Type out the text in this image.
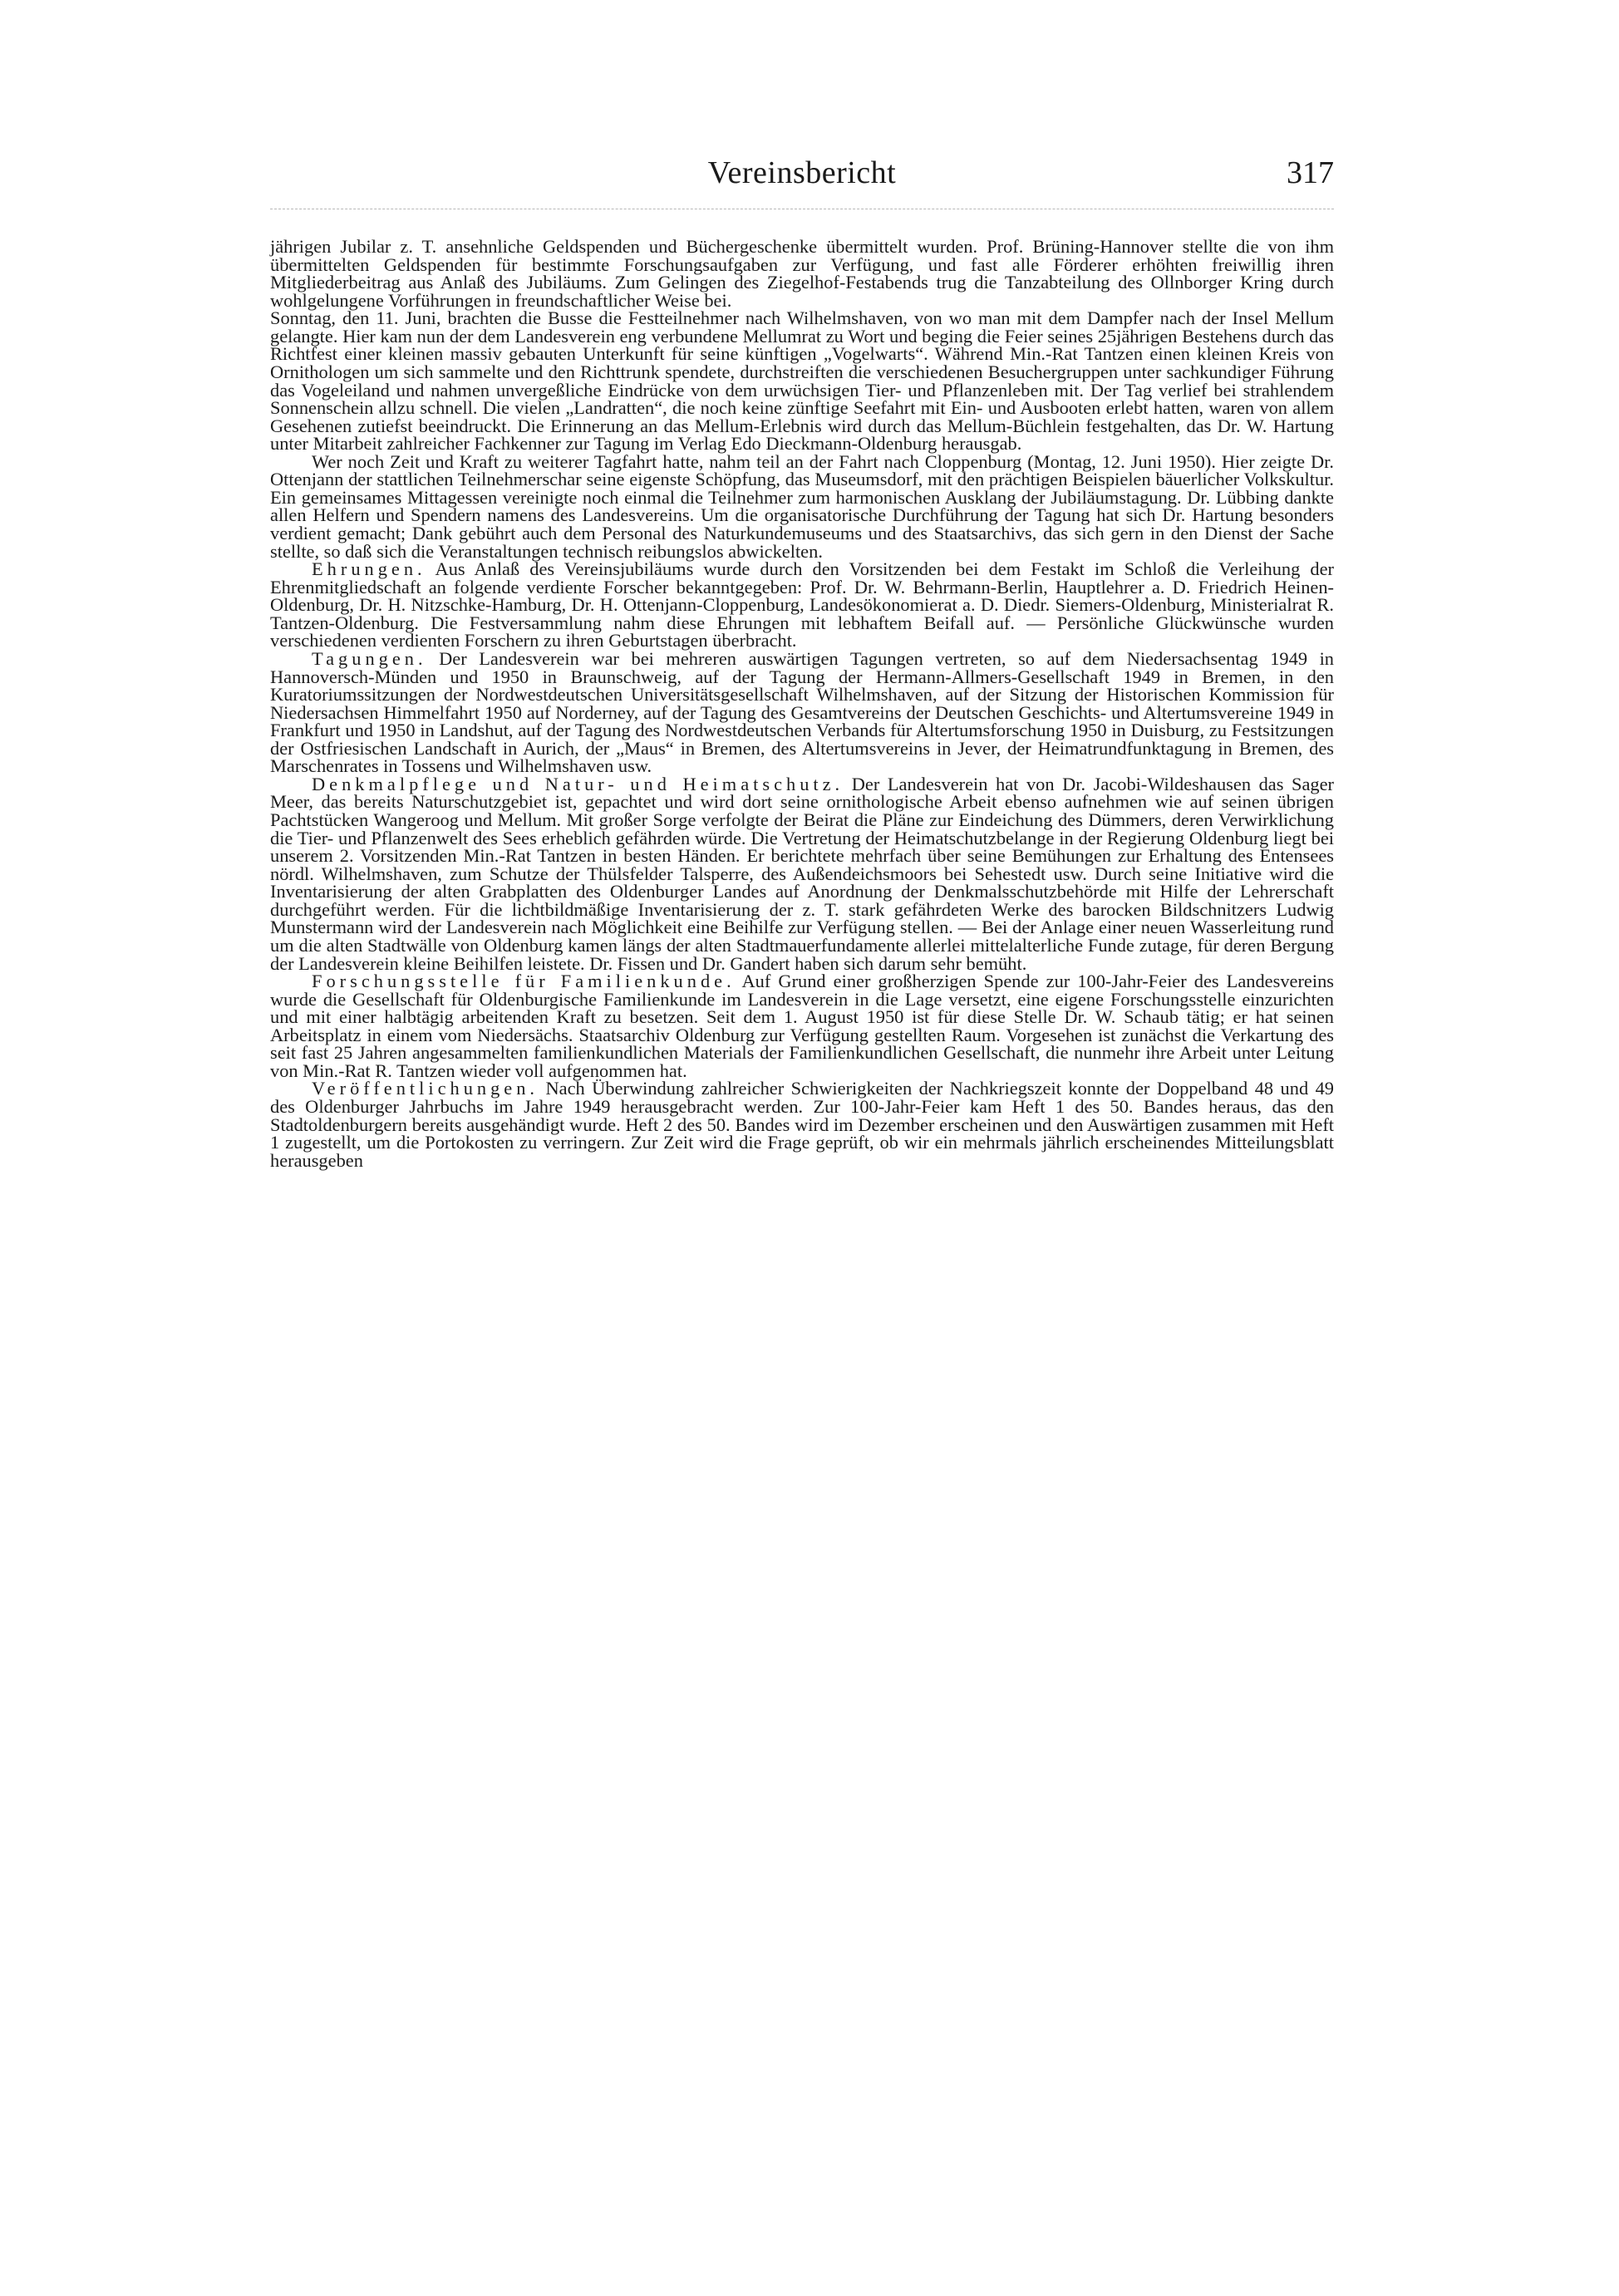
Vereinsbericht	317

jährigen Jubilar z. T. ansehnliche Geldspenden und Büchergeschenke übermittelt wurden. Prof. Brüning-Hannover stellte die von ihm übermittelten Geldspenden für bestimmte Forschungsaufgaben zur Verfügung, und fast alle Förderer erhöhten freiwillig ihren Mitgliederbeitrag aus Anlaß des Jubiläums. Zum Gelingen des Ziegelhof-Festabends trug die Tanzabteilung des Ollnborger Kring durch wohlgelungene Vorführungen in freundschaftlicher Weise bei.

Sonntag, den 11. Juni, brachten die Busse die Festteilnehmer nach Wilhelmshaven, von wo man mit dem Dampfer nach der Insel Mellum gelangte. Hier kam nun der dem Landesverein eng verbundene Mellumrat zu Wort und beging die Feier seines 25jährigen Bestehens durch das Richtfest einer kleinen massiv gebauten Unterkunft für seine künftigen „Vogelwarts“. Während Min.-Rat Tantzen einen kleinen Kreis von Ornithologen um sich sammelte und den Richttrunk spendete, durchstreiften die verschiedenen Besuchergruppen unter sachkundiger Führung das Vogeleiland und nahmen unvergeßliche Eindrücke von dem urwüchsigen Tier- und Pflanzenleben mit. Der Tag verlief bei strahlendem Sonnenschein allzu schnell. Die vielen „Landratten“, die noch keine zünftige Seefahrt mit Ein- und Ausbooten erlebt hatten, waren von allem Gesehenen zutiefst beeindruckt. Die Erinnerung an das Mellum-Erlebnis wird durch das Mellum-Büchlein festgehalten, das Dr. W. Hartung unter Mitarbeit zahlreicher Fachkenner zur Tagung im Verlag Edo Dieckmann-Oldenburg herausgab.

Wer noch Zeit und Kraft zu weiterer Tagfahrt hatte, nahm teil an der Fahrt nach Cloppenburg (Montag, 12. Juni 1950). Hier zeigte Dr. Ottenjann der stattlichen Teilnehmerschar seine eigenste Schöpfung, das Museumsdorf, mit den prächtigen Beispielen bäuerlicher Volkskultur. Ein gemeinsames Mittagessen vereinigte noch einmal die Teilnehmer zum harmonischen Ausklang der Jubiläumstagung. Dr. Lübbing dankte allen Helfern und Spendern namens des Landesvereins. Um die organisatorische Durchführung der Tagung hat sich Dr. Hartung besonders verdient gemacht; Dank gebührt auch dem Personal des Naturkundemuseums und des Staatsarchivs, das sich gern in den Dienst der Sache stellte, so daß sich die Veranstaltungen technisch reibungslos abwickelten.

Ehrungen. Aus Anlaß des Vereinsjubiläums wurde durch den Vorsitzenden bei dem Festakt im Schloß die Verleihung der Ehrenmitgliedschaft an folgende verdiente Forscher bekanntgegeben: Prof. Dr. W. Behrmann-Berlin, Hauptlehrer a. D. Friedrich Heinen-Oldenburg, Dr. H. Nitzschke-Hamburg, Dr. H. Ottenjann-Cloppenburg, Landesökonomierat a. D. Diedr. Siemers-Oldenburg, Ministerialrat R. Tantzen-Oldenburg. Die Festversammlung nahm diese Ehrungen mit lebhaftem Beifall auf. — Persönliche Glückwünsche wurden verschiedenen verdienten Forschern zu ihren Geburtstagen überbracht.

Tagungen. Der Landesverein war bei mehreren auswärtigen Tagungen vertreten, so auf dem Niedersachsentag 1949 in Hannoversch-Münden und 1950 in Braunschweig, auf der Tagung der Hermann-Allmers-Gesellschaft 1949 in Bremen, in den Kuratoriumssitzungen der Nordwestdeutschen Universitätsgesellschaft Wilhelmshaven, auf der Sitzung der Historischen Kommission für Niedersachsen Himmelfahrt 1950 auf Norderney, auf der Tagung des Gesamtvereins der Deutschen Geschichts- und Altertumsvereine 1949 in Frankfurt und 1950 in Landshut, auf der Tagung des Nordwestdeutschen Verbands für Altertumsforschung 1950 in Duisburg, zu Festsitzungen der Ostfriesischen Landschaft in Aurich, der „Maus“ in Bremen, des Altertumsvereins in Jever, der Heimatrundfunktagung in Bremen, des Marschenrates in Tossens und Wilhelmshaven usw.

Denkmalpflege und Natur- und Heimatschutz. Der Landesverein hat von Dr. Jacobi-Wildeshausen das Sager Meer, das bereits Naturschutzgebiet ist, gepachtet und wird dort seine ornithologische Arbeit ebenso aufnehmen wie auf seinen übrigen Pachtstücken Wangeroog und Mellum. Mit großer Sorge verfolgte der Beirat die Pläne zur Eindeichung des Dümmers, deren Verwirklichung die Tier- und Pflanzenwelt des Sees erheblich gefährden würde. Die Vertretung der Heimatschutzbelange in der Regierung Oldenburg liegt bei unserem 2. Vorsitzenden Min.-Rat Tantzen in besten Händen. Er berichtete mehrfach über seine Bemühungen zur Erhaltung des Entensees nördl. Wilhelmshaven, zum Schutze der Thülsfelder Talsperre, des Außendeichsmoors bei Sehestedt usw. Durch seine Initiative wird die Inventarisierung der alten Grabplatten des Oldenburger Landes auf Anordnung der Denkmalsschutzbehörde mit Hilfe der Lehrerschaft durchgeführt werden. Für die lichtbildmäßige Inventarisierung der z. T. stark gefährdeten Werke des barocken Bildschnitzers Ludwig Munstermann wird der Landesverein nach Möglichkeit eine Beihilfe zur Verfügung stellen. — Bei der Anlage einer neuen Wasserleitung rund um die alten Stadtwälle von Oldenburg kamen längs der alten Stadtmauerfundamente allerlei mittelalterliche Funde zutage, für deren Bergung der Landesverein kleine Beihilfen leistete. Dr. Fissen und Dr. Gandert haben sich darum sehr bemüht.

Forschungsstelle für Familienkunde. Auf Grund einer großherzigen Spende zur 100-Jahr-Feier des Landesvereins wurde die Gesellschaft für Oldenburgische Familienkunde im Landesverein in die Lage versetzt, eine eigene Forschungsstelle einzurichten und mit einer halbtägig arbeitenden Kraft zu besetzen. Seit dem 1. August 1950 ist für diese Stelle Dr. W. Schaub tätig; er hat seinen Arbeitsplatz in einem vom Niedersächs. Staatsarchiv Oldenburg zur Verfügung gestellten Raum. Vorgesehen ist zunächst die Verkartung des seit fast 25 Jahren angesammelten familienkundlichen Materials der Familienkundlichen Gesellschaft, die nunmehr ihre Arbeit unter Leitung von Min.-Rat R. Tantzen wieder voll aufgenommen hat.

Veröffentlichungen. Nach Überwindung zahlreicher Schwierigkeiten der Nachkriegszeit konnte der Doppelband 48 und 49 des Oldenburger Jahrbuchs im Jahre 1949 herausgebracht werden. Zur 100-Jahr-Feier kam Heft 1 des 50. Bandes heraus, das den Stadtoldenburgern bereits ausgehändigt wurde. Heft 2 des 50. Bandes wird im Dezember erscheinen und den Auswärtigen zusammen mit Heft 1 zugestellt, um die Portokosten zu verringern. Zur Zeit wird die Frage geprüft, ob wir ein mehrmals jährlich erscheinendes Mitteilungsblatt herausgeben
